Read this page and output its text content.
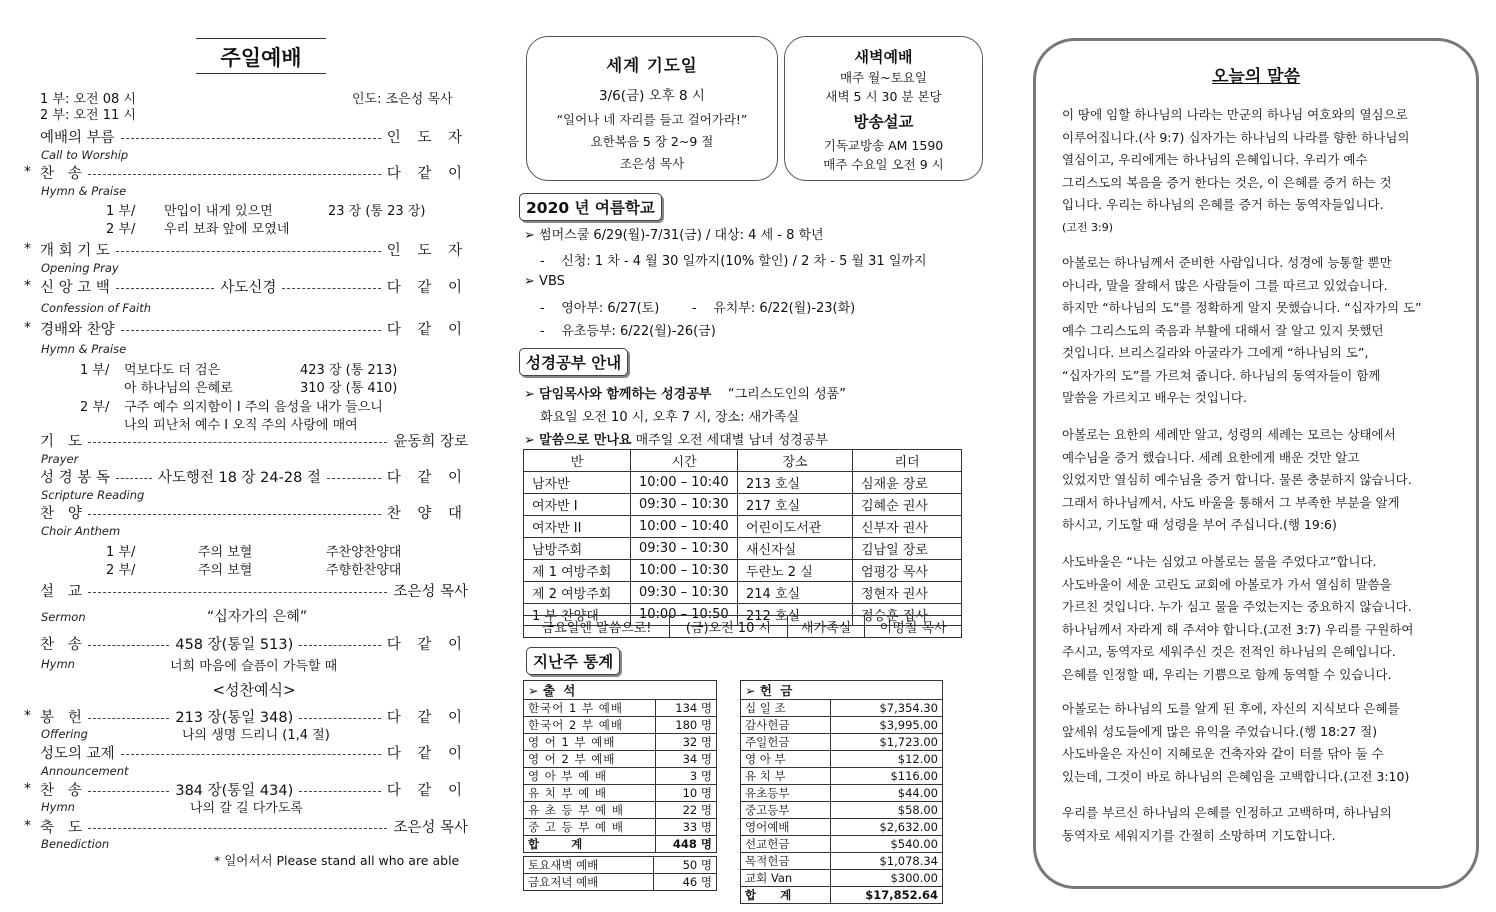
주일예배
1 부: 오전 08 시
2 부: 오전 11 시
인도: 조은성 목사
예배의 부름	인 도 자
Call to Worship
* 찬   송	다 같 이
Hymn & Praise
1 부/ 만입이 내게 있으면	23 장 (통 23 장)
2 부/ 우리 보좌 앞에 모였네
* 개 회 기 도	인 도 자
Opening Pray
* 신 앙 고 백	사도신경	다 같 이
Confession of Faith
* 경배와 찬양	다 같 이
Hymn & Praise
1 부/ 먹보다도 더 검은	423 장 (통 213)
아 하나님의 은혜로	310 장 (통 410)
2 부/ 구주 예수 의지함이 I 주의 음성을 내가 들으니
나의 피난처 예수 I 오직 주의 사랑에 매여
기   도	윤동희 장로
Prayer
성 경 봉 독	사도행전 18 장 24-28 절	다 같 이
Scripture Reading
찬   양	찬 양 대
Choir Anthem
1 부/	주의 보혈	주찬양찬양대
2 부/	주의 보혈	주향한찬양대
설   교	조은성 목사
Sermon	“십자가의 은혜”
찬   송	458 장(통일 513)	다 같 이
Hymn	너희 마음에 슬픔이 가득할 때
<성찬예식>
* 봉   헌	213 장(통일 348)	다 같 이
Offering	나의 생명 드리니 (1,4 절)
성도의 교제	다 같 이
Announcement
* 찬   송	384 장(통일 434)	다 같 이
Hymn	나의 갈 길 다가도록
* 축   도	조은성 목사
Benediction
* 일어서서 Please stand all who are able
세계 기도일
3/6(금) 오후 8 시
“일어나 네 자리를 들고 걸어가라!”
요한복음 5 장 2~9 절
조은성 목사
새벽예배
매주 월~토요일
새벽 5 시 30 분 본당
방송설교
기독교방송 AM 1590
매주 수요일 오전 9 시
2020 년 여름학교
➢ 썸머스쿨 6/29(월)-7/31(금) / 대상: 4 세 - 8 학년
-    신청: 1 차 - 4 월 30 일까지(10% 할인) / 2 차 - 5 월 31 일까지
➢ VBS
-    영아부: 6/27(토)	-    유치부: 6/22(월)-23(화)
-    유초등부: 6/22(월)-26(금)
성경공부 안내
➢ 담임목사와 함께하는 성경공부 “그리스도인의 성품”
화요일 오전 10 시, 오후 7 시, 장소: 새가족실
➢ 말씀으로 만나요 매주일 오전 세대별 남녀 성경공부
반	시간	장소	리더
남자반	10:00 – 10:40	213 호실	심재윤 장로
여자반 I	09:30 – 10:30	217 호실	김혜순 권사
여자반 II	10:00 – 10:40	어린이도서관	신부자 권사
남방주회	09:30 – 10:30	새신자실	김남일 장로
제 1 여방주회	10:00 – 10:30	두란노 2 실	엄평강 목사
제 2 여방주회	09:30 – 10:30	214 호실	정현자 권사
1 부 찬양대	10:00 – 10:50	212 호실	정승훈 집사
금요일엔 말씀으로!	(금)오전 10 시	새가족실	이명철 목사
지난주 통계
➢ 출 석	
한국어 1 부 예배	134 명
한국어 2 부 예배	180 명
영 어 1 부 예배	32 명
영 어 2 부 예배	34 명
영 아 부 예 배	3 명
유 치 부 예 배	10 명
유 초 등 부 예 배	22 명
중 고 등 부 예 배	33 명
합 계	448 명
토요새벽 예배	50 명
금요저녁 예배	46 명
➢ 헌 금	
십 일 조	$7,354.30
감사헌금	$3,995.00
주일헌금	$1,723.00
영 아 부	$12.00
유 치 부	$116.00
유초등부	$44.00
중고등부	$58.00
영어예배	$2,632.00
선교헌금	$540.00
목적헌금	$1,078.34
교회 Van	$300.00
합 계	$17,852.64
오늘의 말씀

이 땅에 임할 하나님의 나라는 만군의 하나님 여호와의 열심으로

이루어집니다.(사 9:7) 십자가는 하나님의 나라를 향한 하나님의

열심이고, 우리에게는 하나님의 은혜입니다. 우리가 예수

그리스도의 복음을 증거 한다는 것은, 이 은혜를 증거 하는 것

입니다. 우리는 하나님의 은혜를 증거 하는 동역자들입니다.

(고전 3:9)

아볼로는 하나님께서 준비한 사람입니다. 성경에 능통할 뿐만

아니라, 말을 잘해서 많은 사람들이 그를 따르고 있었습니다.

하지만 “하나님의 도”를 정확하게 알지 못했습니다. “십자가의 도”

예수 그리스도의 죽음과 부활에 대해서 잘 알고 있지 못했던

것입니다. 브리스길라와 아굴라가 그에게 “하나님의 도”,

“십자가의 도”를 가르쳐 줍니다. 하나님의 동역자들이 함께

말씀을 가르치고 배우는 것입니다.

아볼로는 요한의 세례만 알고, 성령의 세례는 모르는 상태에서

예수님을 증거 했습니다. 세례 요한에게 배운 것만 알고

있었지만 열심히 예수님을 증거 합니다. 물론 충분하지 않습니다.

그래서 하나님께서, 사도 바울을 통해서 그 부족한 부분을 알게

하시고, 기도할 때 성령을 부어 주십니다.(행 19:6)

사도바울은 “나는 심었고 아볼로는 물을 주었다고”합니다.

사도바울이 세운 고린도 교회에 아볼로가 가서 열심히 말씀을

가르친 것입니다. 누가 심고 물을 주었는지는 중요하지 않습니다.

하나님께서 자라게 해 주셔야 합니다.(고전 3:7) 우리를 구원하여

주시고, 동역자로 세워주신 것은 전적인 하나님의 은혜입니다.

은혜를 인정할 때, 우리는 기쁨으로 함께 동역할 수 있습니다.

아볼로는 하나님의 도를 알게 된 후에, 자신의 지식보다 은혜를

앞세워 성도들에게 많은 유익을 주었습니다.(행 18:27 절)

사도바울은 자신이 지혜로운 건축자와 같이 터를 닦아 둘 수

있는데, 그것이 바로 하나님의 은혜임을 고백합니다.(고전 3:10)

우리를 부르신 하나님의 은혜를 인정하고 고백하며, 하나님의

동역자로 세워지기를 간절히 소망하며 기도합니다.
